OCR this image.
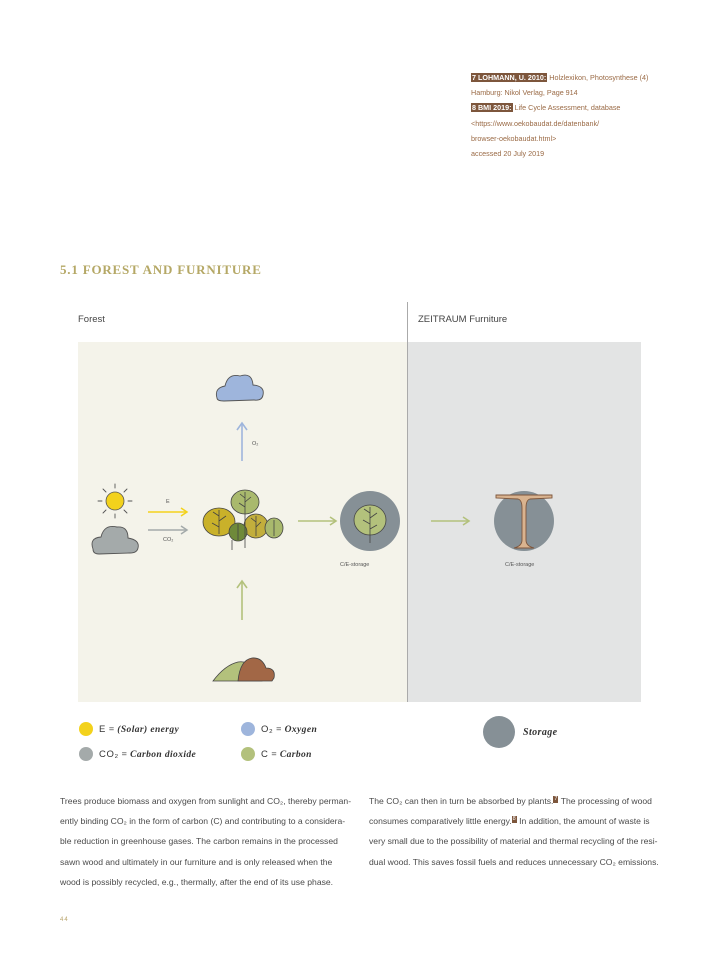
7 LOHMANN, U. 2010: Holzlexikon, Photosynthese (4)
Hamburg: Nikol Verlag, Page 914
8 BMI 2019: Life Cycle Assessment, database
<https://www.oekobaudat.de/datenbank/
browser-oekobaudat.html>
accessed 20 July 2019
5.1 FOREST AND FURNITURE
Forest	ZEITRAUM Furniture
O₂
E
CO₂
C/E-storage	C/E-storage
E = (Solar) energy	O₂ = Oxygen
CO₂ = Carbon dioxide	C = Carbon
Storage
Trees produce biomass and oxygen from sunlight and CO₂, thereby perman-
ently binding CO₂ in the form of carbon (C) and contributing to a considera-
ble reduction in greenhouse gases. The carbon remains in the processed
sawn wood and ultimately in our furniture and is only released when the
wood is possibly recycled, e.g., thermally, after the end of its use phase.
The CO₂ can then in turn be absorbed by plants.7 The processing of wood
consumes comparatively little energy.8 In addition, the amount of waste is
very small due to the possibility of material and thermal recycling of the resi-
dual wood. This saves fossil fuels and reduces unnecessary CO₂ emissions.
44
